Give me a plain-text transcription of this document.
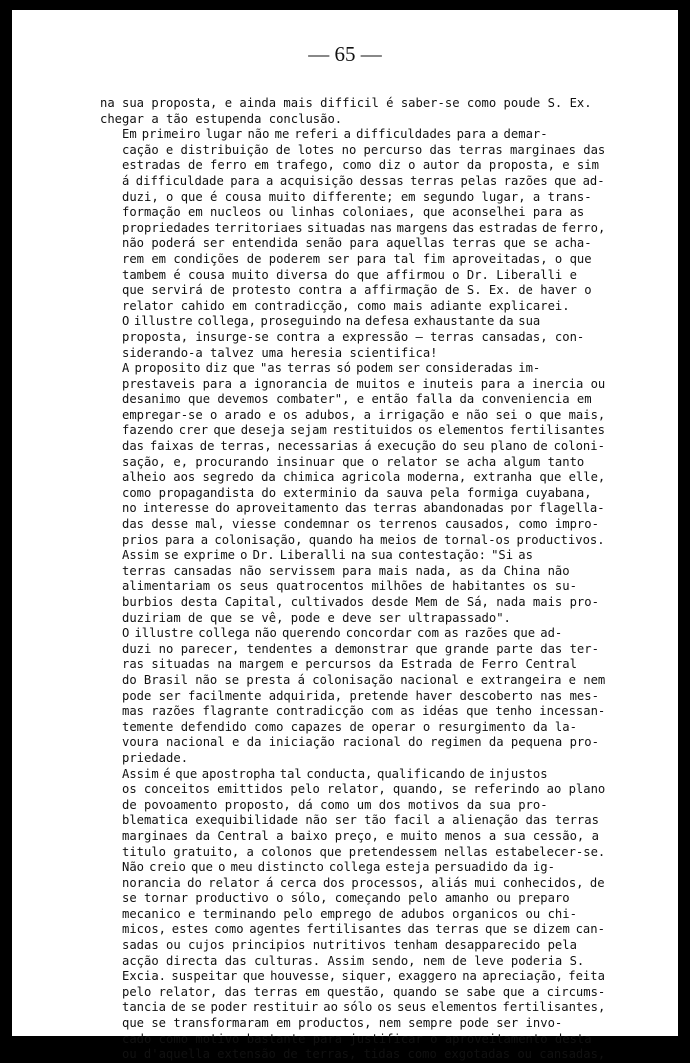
— 65 —
na sua proposta, e ainda mais difficil é saber-se como poude S. Ex.
chegar a tão estupenda conclusão.
Em primeiro lugar não me referi a difficuldades para a demar-
cação e distribuição de lotes no percurso das terras marginaes das
estradas de ferro em trafego, como diz o autor da proposta, e sim
á difficuldade para a acquisição dessas terras pelas razões que ad-
duzi, o que é cousa muito differente; em segundo lugar, a trans-
formação em nucleos ou linhas coloniaes, que aconselhei para as
propriedades territoriaes situadas nas margens das estradas de ferro,
não poderá ser entendida senão para aquellas terras que se acha-
rem em condições de poderem ser para tal fim aproveitadas, o que
tambem é cousa muito diversa do que affirmou o Dr. Liberalli e
que servirá de protesto contra a affirmação de S. Ex. de haver o
relator cahido em contradicção, como mais adiante explicarei.
O illustre collega, proseguindo na defesa exhaustante da sua
proposta, insurge-se contra a expressão — terras cansadas, con-
siderando-a talvez uma heresia scientifica!
A proposito diz que "as terras só podem ser consideradas im-
prestaveis para a ignorancia de muitos e inuteis para a inercia ou
desanimo que devemos combater", e então falla da conveniencia em
empregar-se o arado e os adubos, a irrigação e não sei o que mais,
fazendo crer que deseja sejam restituidos os elementos fertilisantes
das faixas de terras, necessarias á execução do seu plano de coloni-
sação, e, procurando insinuar que o relator se acha algum tanto
alheio aos segredo da chimica agricola moderna, extranha que elle,
como propagandista do exterminio da sauva pela formiga cuyabana,
no interesse do aproveitamento das terras abandonadas por flagella-
das desse mal, viesse condemnar os terrenos causados, como impro-
prios para a colonisação, quando ha meios de tornal-os productivos.
Assim se exprime o Dr. Liberalli na sua contestação: "Si as
terras cansadas não servissem para mais nada, as da China não
alimentariam os seus quatrocentos milhões de habitantes os su-
burbios desta Capital, cultivados desde Mem de Sá, nada mais pro-
duziriam de que se vê, pode e deve ser ultrapassado".
O illustre collega não querendo concordar com as razões que ad-
duzi no parecer, tendentes a demonstrar que grande parte das ter-
ras situadas na margem e percursos da Estrada de Ferro Central
do Brasil não se presta á colonisação nacional e extrangeira e nem
pode ser facilmente adquirida, pretende haver descoberto nas mes-
mas razões flagrante contradicção com as idéas que tenho incessan-
temente defendido como capazes de operar o resurgimento da la-
voura nacional e da iniciação racional do regimen da pequena pro-
priedade.
Assim é que apostropha tal conducta, qualificando de injustos
os conceitos emittidos pelo relator, quando, se referindo ao plano
de povoamento proposto, dá como um dos motivos da sua pro-
blematica exequibilidade não ser tão facil a alienação das terras
marginaes da Central a baixo preço, e muito menos a sua cessão, a
titulo gratuito, a colonos que pretendessem nellas estabelecer-se.
Não creio que o meu distincto collega esteja persuadido da ig-
norancia do relator á cerca dos processos, aliás mui conhecidos, de
se tornar productivo o sólo, começando pelo amanho ou preparo
mecanico e terminando pelo emprego de adubos organicos ou chi-
micos, estes como agentes fertilisantes das terras que se dizem can-
sadas ou cujos principios nutritivos tenham desapparecido pela
acção directa das culturas. Assim sendo, nem de leve poderia S.
Excia. suspeitar que houvesse, siquer, exaggero na apreciação, feita
pelo relator, das terras em questão, quando se sabe que a circums-
tancia de se poder restituir ao sólo os seus elementos fertilisantes,
que se transformaram em productos, nem sempre pode ser invo-
cado como motivo bastante para justificar o aproveitamento desta
ou d'aquella extensão de terras, tidas como exgotadas ou cansadas,
